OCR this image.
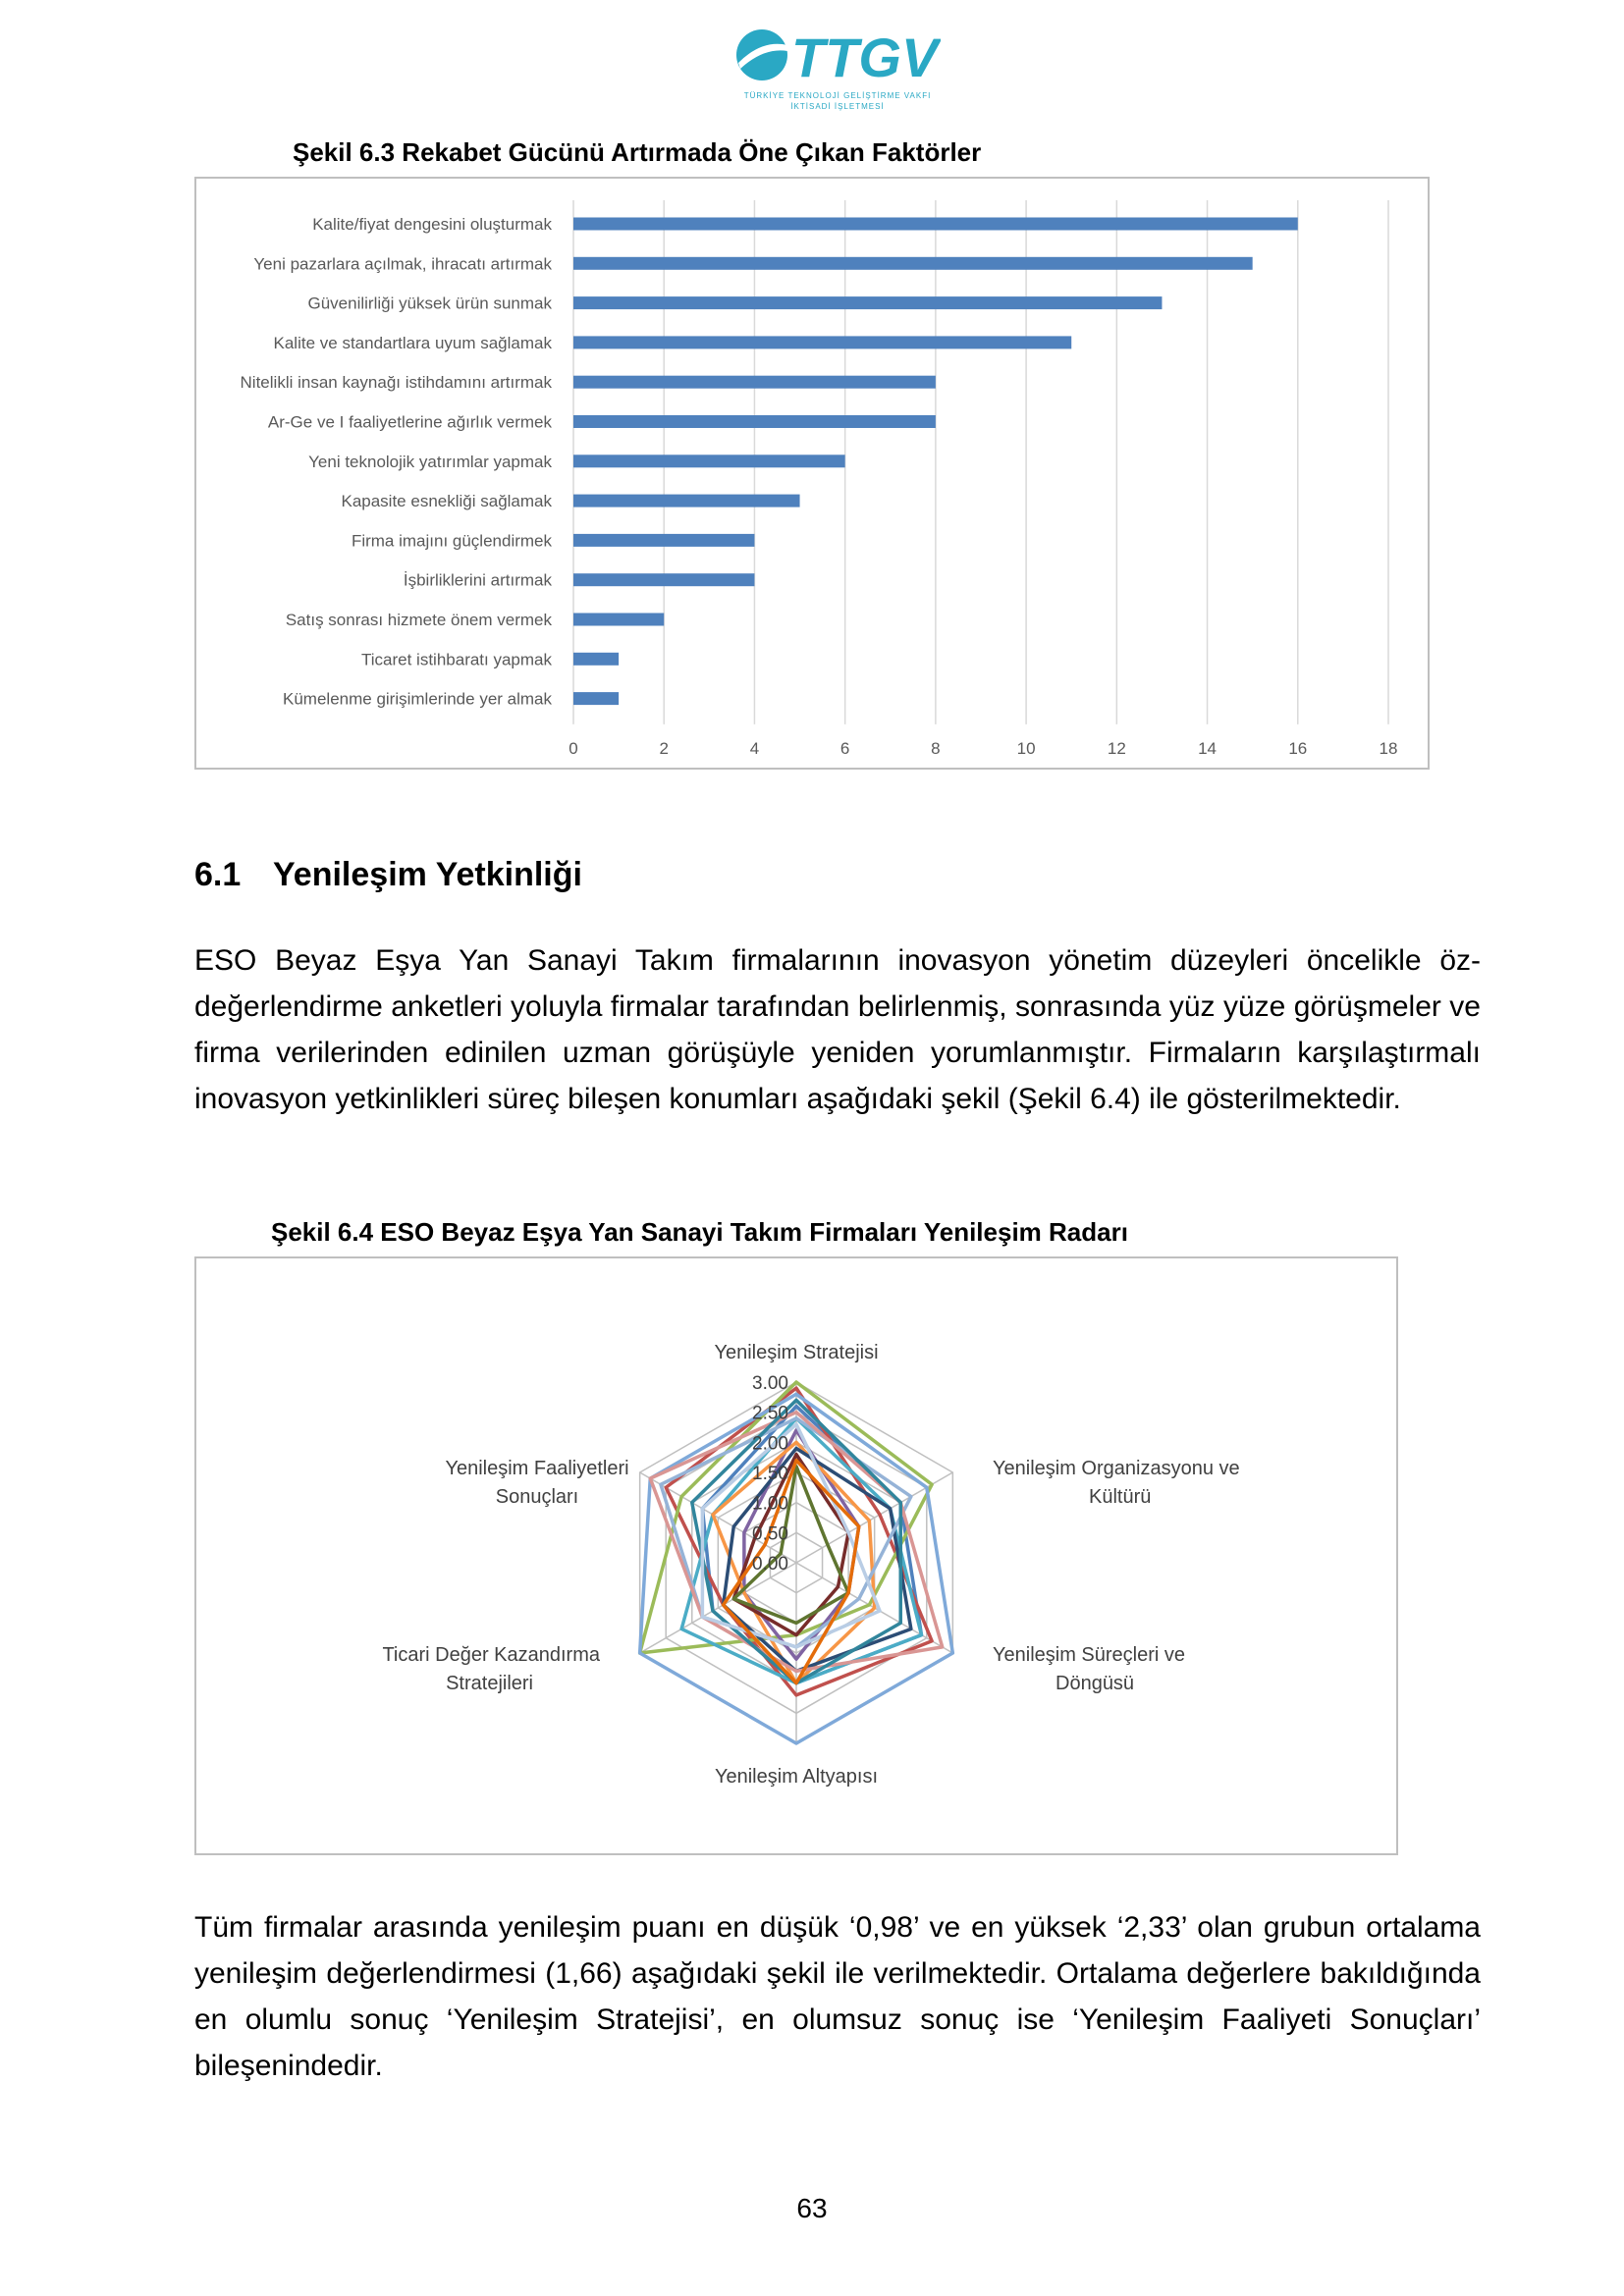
TTGV
TÜRKİYE TEKNOLOJİ GELİŞTİRME VAKFI
İKTİSADİ İŞLETMESİ
Şekil 6.3 Rekabet Gücünü Artırmada Öne Çıkan Faktörler
0	2	4	6	8	10	12	14	16	18
Kalite/fiyat dengesini oluşturmak
Yeni pazarlara açılmak, ihracatı artırmak
Güvenilirliği yüksek ürün sunmak
Kalite ve standartlara uyum sağlamak
Nitelikli insan kaynağı istihdamını artırmak
Ar-Ge ve I faaliyetlerine ağırlık vermek
Yeni teknolojik yatırımlar yapmak
Kapasite esnekliği sağlamak
Firma imajını güçlendirmek
İşbirliklerini artırmak
Satış sonrası hizmete önem vermek
Ticaret istihbaratı yapmak
Kümelenme girişimlerinde yer almak
6.1 Yenileşim Yetkinliği
ESO Beyaz Eşya Yan Sanayi Takım firmalarının inovasyon yönetim düzeyleri öncelikle öz-değerlendirme anketleri yoluyla firmalar tarafından belirlenmiş, sonrasında yüz yüze görüşmeler ve firma verilerinden edinilen uzman görüşüyle yeniden yorumlanmıştır. Firmaların karşılaştırmalı inovasyon yetkinlikleri süreç bileşen konumları aşağıdaki şekil (Şekil 6.4) ile gösterilmektedir.
Şekil 6.4 ESO Beyaz Eşya Yan Sanayi Takım Firmaları Yenileşim Radarı
0.00
0.50
1.00
1.50
2.00
2.50
3.00
Yenileşim Stratejisi
Yenileşim Organizasyonu ve Kültürü
Yenileşim Süreçleri ve Döngüsü
Yenileşim Altyapısı
Ticari Değer Kazandırma Stratejileri
Yenileşim Faaliyetleri Sonuçları
Tüm firmalar arasında yenileşim puanı en düşük ‘0,98’ ve en yüksek ‘2,33’ olan grubun ortalama yenileşim değerlendirmesi (1,66) aşağıdaki şekil ile verilmektedir. Ortalama değerlere bakıldığında en olumlu sonuç ‘Yenileşim Stratejisi’, en olumsuz sonuç ise ‘Yenileşim Faaliyeti Sonuçları’ bileşenindedir.
63
